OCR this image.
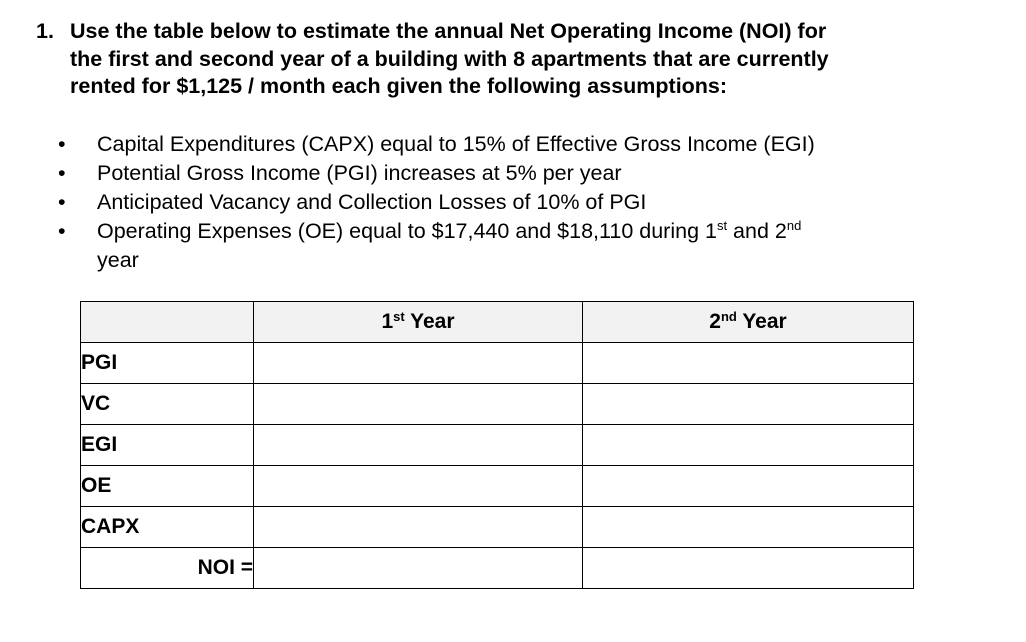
1. Use the table below to estimate the annual Net Operating Income (NOI) for
the first and second year of a building with 8 apartments that are currently
rented for $1,125 / month each given the following assumptions:
• Capital Expenditures (CAPX) equal to 15% of Effective Gross Income (EGI)
• Potential Gross Income (PGI) increases at 5% per year
• Anticipated Vacancy and Collection Losses of 10% of PGI
• Operating Expenses (OE) equal to $17,440 and $18,110 during 1st and 2nd
year
	1st Year	2nd Year
PGI		
VC		
EGI		
OE		
CAPX		
NOI =		
